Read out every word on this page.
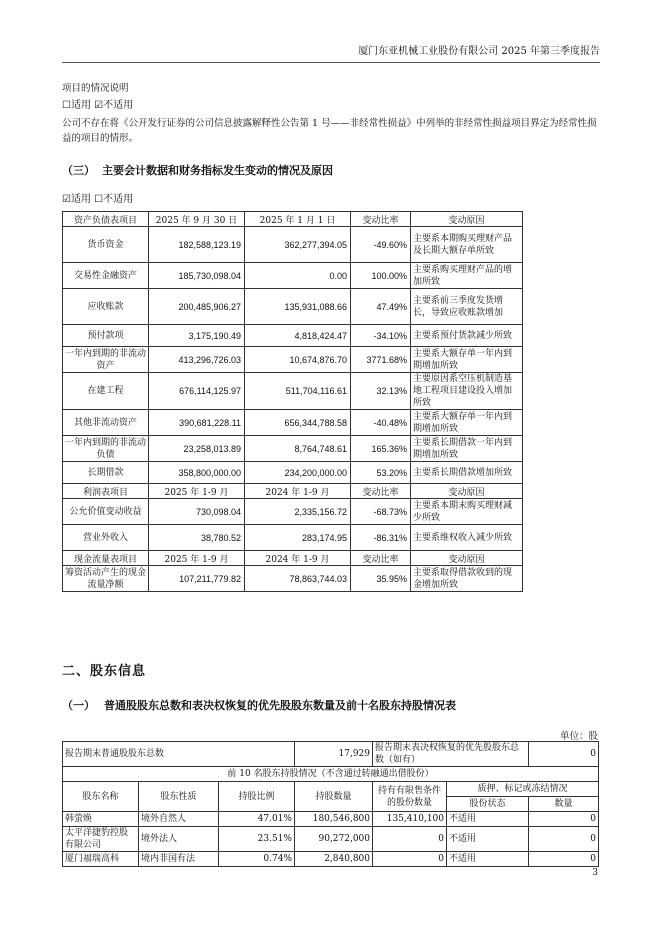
厦门东亚机械工业股份有限公司 2025 年第三季度报告
项目的情况说明
☐适用 ☑不适用
公司不存在将《公开发行证券的公司信息披露解释性公告第 1 号——非经常性损益》中列举的非经常性损益项目界定为经常性损益的项目的情形。
（三） 主要会计数据和财务指标发生变动的情况及原因
☑适用 ☐不适用
资产负债表项目	2025 年 9 月 30 日	2025 年 1 月 1 日	变动比率	变动原因
货币资金	182,588,123.19	362,277,394.05	-49.60%	主要系本期购买理财产品及长期大额存单所致
交易性金融资产	185,730,098.04	0.00	100.00%	主要系购买理财产品的增加所致
应收账款	200,485,906.27	135,931,088.66	47.49%	主要系前三季度发货增长，导致应收账款增加
预付款项	3,175,190.49	4,818,424.47	-34.10%	主要系预付货款减少所致
一年内到期的非流动资产	413,296,726.03	10,674,876.70	3771.68%	主要系大额存单一年内到期增加所致
在建工程	676,114,125.97	511,704,116.61	32.13%	主要原因系空压机制造基地工程项目建设投入增加所致
其他非流动资产	390,681,228.11	656,344,788.58	-40.48%	主要系大额存单一年内到期增加所致
一年内到期的非流动负债	23,258,013.89	8,764,748.61	165.36%	主要系长期借款一年内到期增加所致
长期借款	358,800,000.00	234,200,000.00	53.20%	主要系长期借款增加所致
利润表项目	2025 年 1-9 月	2024 年 1-9 月	变动比率	变动原因
公允价值变动收益	730,098.04	2,335,156.72	-68.73%	主要系本期末购买理财减少所致
营业外收入	38,780.52	283,174.95	-86.31%	主要系维权收入减少所致
现金流量表项目	2025 年 1-9 月	2024 年 1-9 月	变动比率	变动原因
筹资活动产生的现金流量净额	107,211,779.82	78,863,744.03	35.95%	主要系取得借款收到的现金增加所致
二、股东信息
（一） 普通股股东总数和表决权恢复的优先股股东数量及前十名股东持股情况表
单位：股
报告期末普通股股东总数			17,929	报告期末表决权恢复的优先股股东总数（如有）		0
前 10 名股东持股情况（不含通过转融通出借股份）						
股东名称	股东性质	持股比例	持股数量	持有有限售条件的股份数量	质押、标记或冻结情况	
					股份状态	数量
韩萤焕	境外自然人	47.01%	180,546,800	135,410,100	不适用	0
太平洋捷豹控股有限公司	境外法人	23.51%	90,272,000	0	不适用	0
厦门福瑞高科	境内非国有法	0.74%	2,840,800	0	不适用	0
3
